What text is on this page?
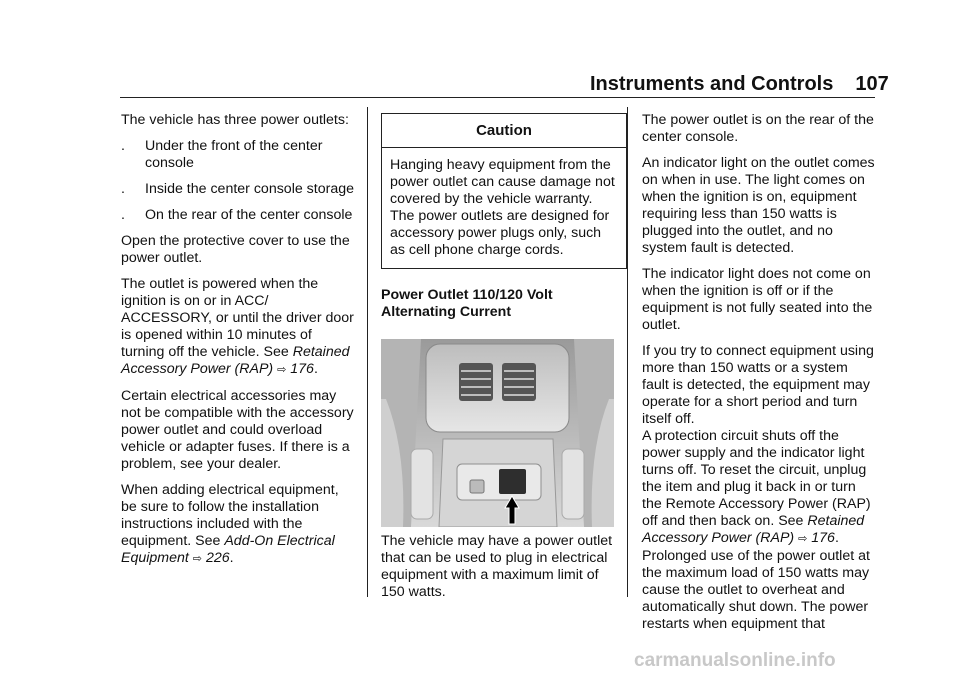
Instruments and Controls 107

The vehicle has three power outlets:

.	Under the front of the center console
.	Inside the center console storage
.	On the rear of the center console

Open the protective cover to use the power outlet.

The outlet is powered when the ignition is on or in ACC/ ACCESSORY, or until the driver door is opened within 10 minutes of turning off the vehicle. See Retained Accessory Power (RAP) ⇨ 176.

Certain electrical accessories may not be compatible with the accessory power outlet and could overload vehicle or adapter fuses. If there is a problem, see your dealer.

When adding electrical equipment, be sure to follow the installation instructions included with the equipment. See Add-On Electrical Equipment ⇨ 226.

Caution
Hanging heavy equipment from the power outlet can cause damage not covered by the vehicle warranty. The power outlets are designed for accessory power plugs only, such as cell phone charge cords.
Power Outlet 110/120 Volt Alternating Current

The vehicle may have a power outlet that can be used to plug in electrical equipment with a maximum limit of 150 watts.

The power outlet is on the rear of the center console.

An indicator light on the outlet comes on when in use. The light comes on when the ignition is on, equipment requiring less than 150 watts is plugged into the outlet, and no system fault is detected.

The indicator light does not come on when the ignition is off or if the equipment is not fully seated into the outlet.

If you try to connect equipment using more than 150 watts or a system fault is detected, the equipment may operate for a short period and turn itself off.

A protection circuit shuts off the power supply and the indicator light turns off. To reset the circuit, unplug the item and plug it back in or turn the Remote Accessory Power (RAP) off and then back on. See Retained Accessory Power (RAP) ⇨ 176.

Prolonged use of the power outlet at the maximum load of 150 watts may cause the outlet to overheat and automatically shut down. The power restarts when equipment that

carmanualsonline.info
